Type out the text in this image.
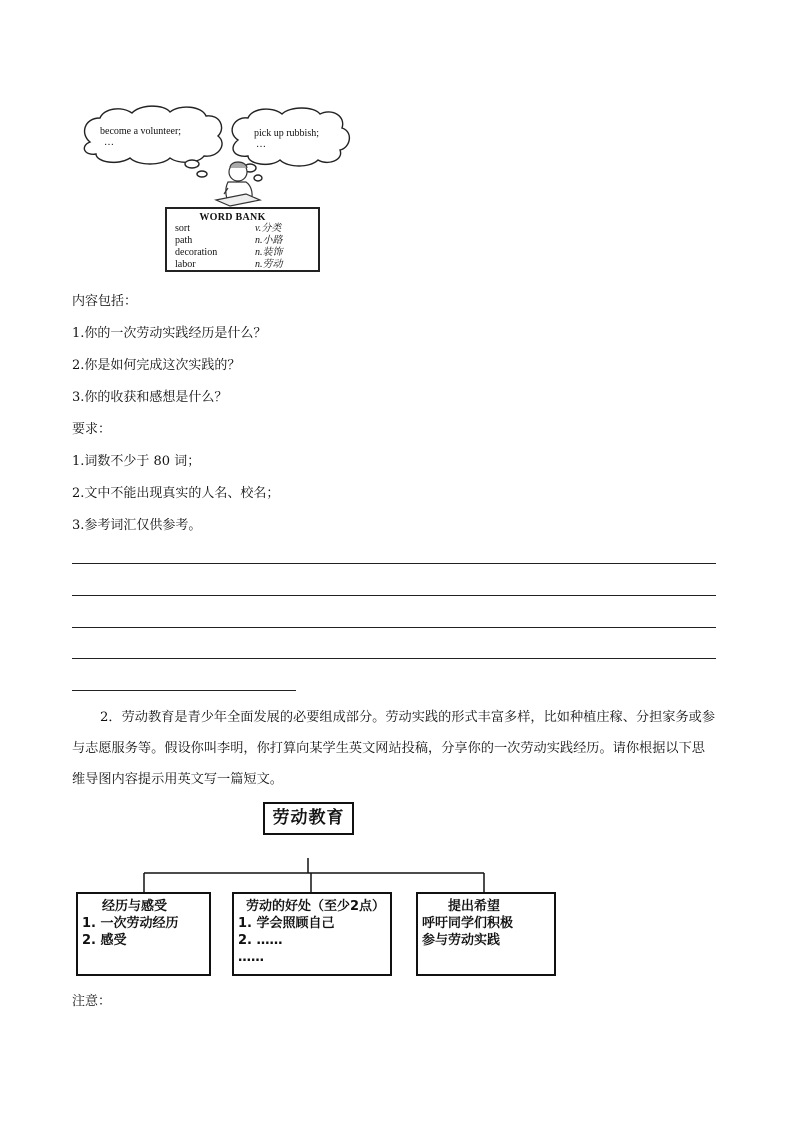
become a volunteer;
…
pick up rubbish;
…
WORD BANK
sort	v.分类
path	n.小路
decoration	n.装饰
labor	n.劳动
内容包括：
1.你的一次劳动实践经历是什么？
2.你是如何完成这次实践的？
3.你的收获和感想是什么？
要求：
1.词数不少于 80 词；
2.文中不能出现真实的人名、校名；
3.参考词汇仅供参考。
2．劳动教育是青少年全面发展的必要组成部分。劳动实践的形式丰富多样，比如种植庄稼、分担家务或参与志愿服务等。假设你叫李明，你打算向某学生英文网站投稿，分享你的一次劳动实践经历。请你根据以下思维导图内容提示用英文写一篇短文。
劳动教育
经历与感受
1. 一次劳动经历
2. 感受
劳动的好处（至少2点）
1. 学会照顾自己
2. ……
……
提出希望
呼吁同学们积极
参与劳动实践
注意：
